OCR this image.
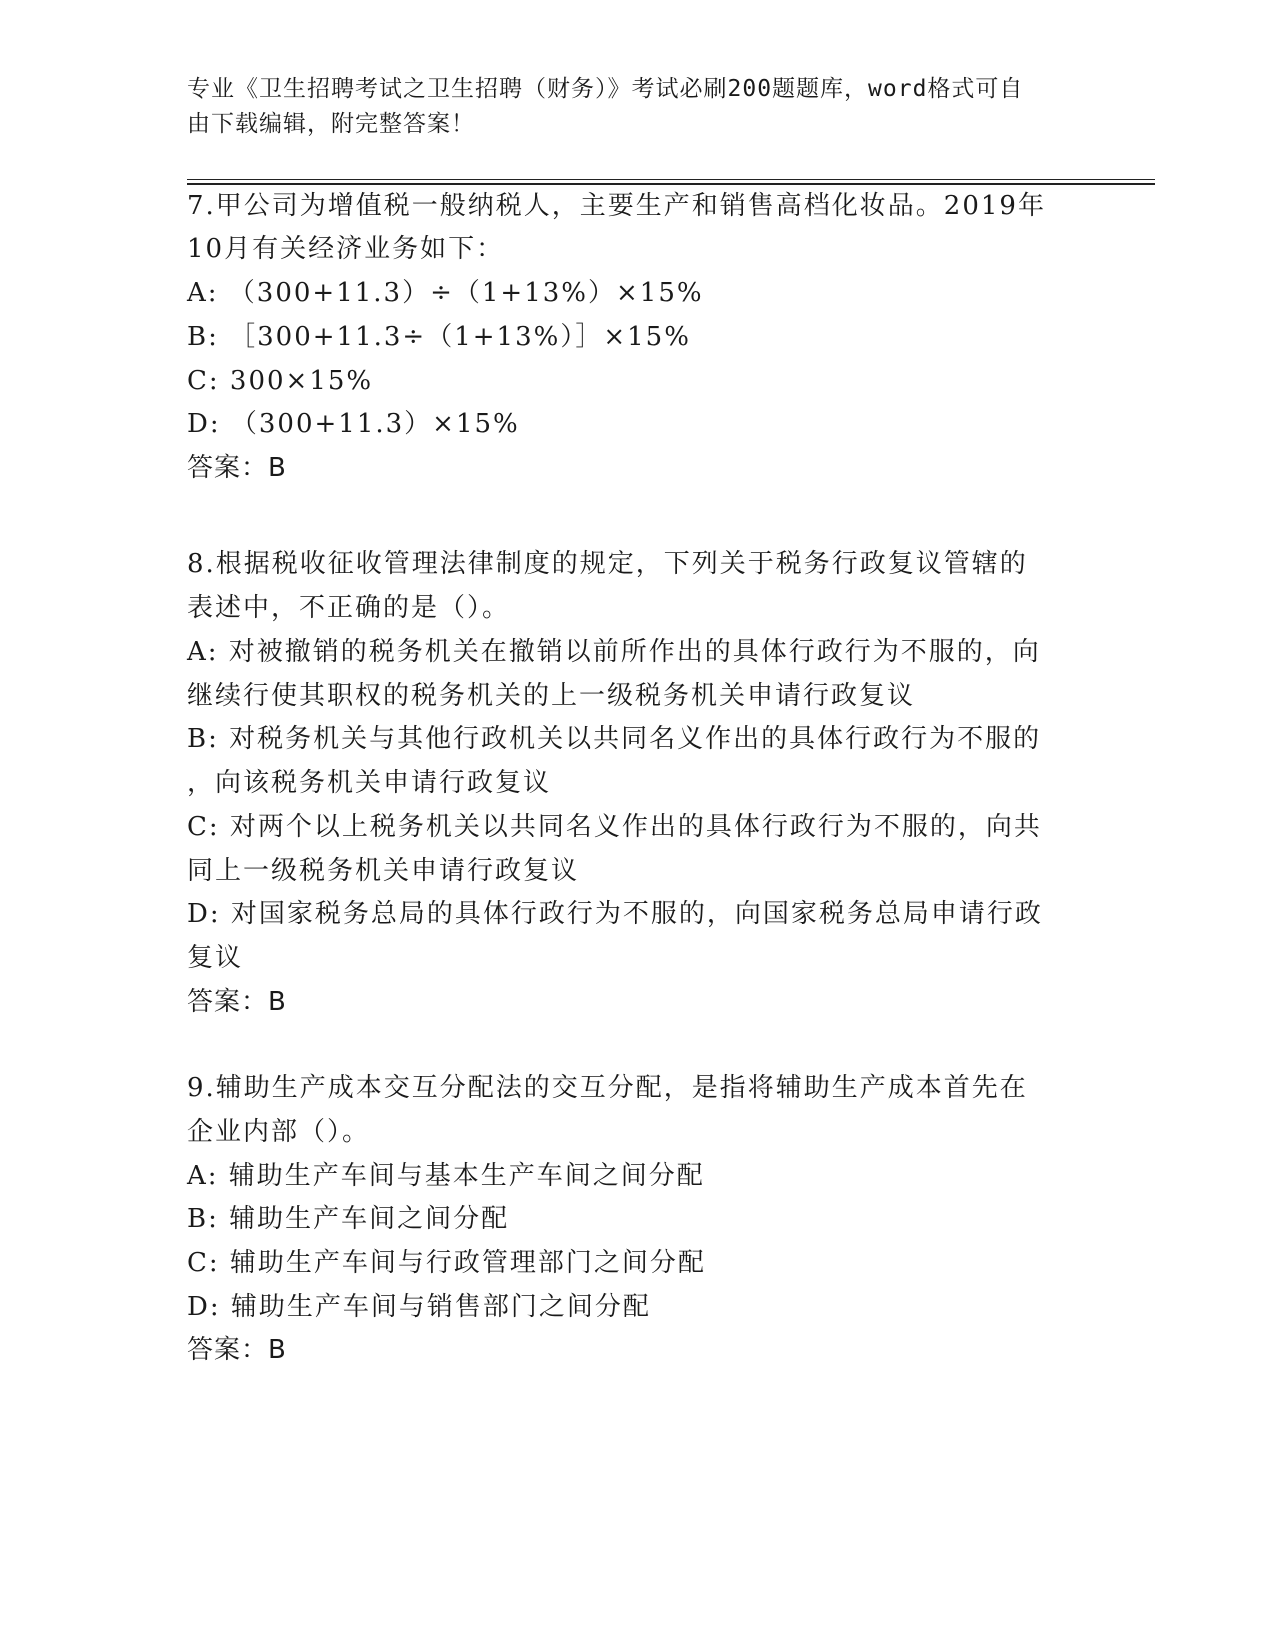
专业《卫生招聘考试之卫生招聘（财务）》考试必刷200题题库，word格式可自
由下载编辑，附完整答案！
7.甲公司为增值税一般纳税人，主要生产和销售高档化妆品。2019年
10月有关经济业务如下：
A: （300+11.3）÷（1+13%）×15%
B: ［300+11.3÷（1+13%）］×15%
C: 300×15%
D: （300+11.3）×15%
答案：B
8.根据税收征收管理法律制度的规定，下列关于税务行政复议管辖的
表述中，不正确的是（）。
A: 对被撤销的税务机关在撤销以前所作出的具体行政行为不服的，向
继续行使其职权的税务机关的上一级税务机关申请行政复议
B: 对税务机关与其他行政机关以共同名义作出的具体行政行为不服的
，向该税务机关申请行政复议
C: 对两个以上税务机关以共同名义作出的具体行政行为不服的，向共
同上一级税务机关申请行政复议
D: 对国家税务总局的具体行政行为不服的，向国家税务总局申请行政
复议
答案：B
9.辅助生产成本交互分配法的交互分配，是指将辅助生产成本首先在
企业内部（）。
A: 辅助生产车间与基本生产车间之间分配
B: 辅助生产车间之间分配
C: 辅助生产车间与行政管理部门之间分配
D: 辅助生产车间与销售部门之间分配
答案：B
